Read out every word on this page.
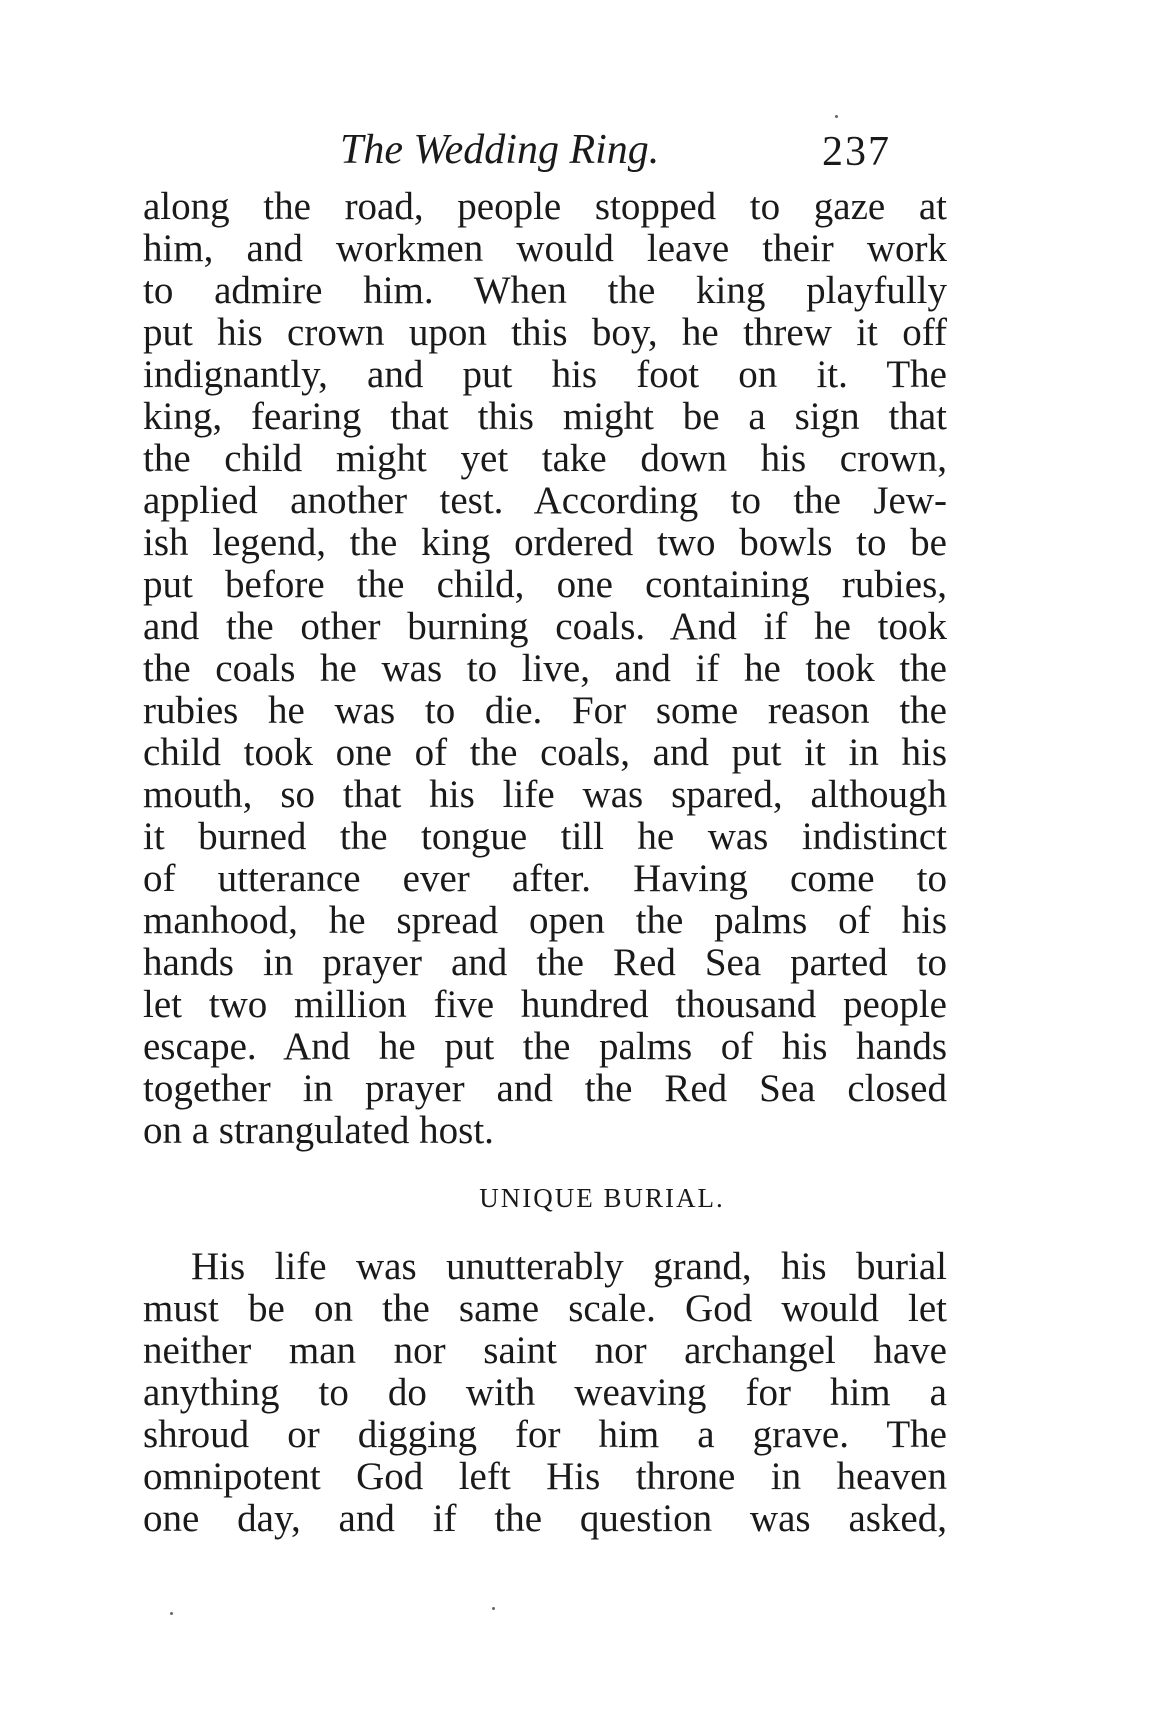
The Wedding Ring.	237
along the road, people stopped to gaze at
him, and workmen would leave their work
to admire him. When the king playfully
put his crown upon this boy, he threw it off
indignantly, and put his foot on it. The
king, fearing that this might be a sign that
the child might yet take down his crown,
applied another test. According to the Jew-
ish legend, the king ordered two bowls to be
put before the child, one containing rubies,
and the other burning coals. And if he took
the coals he was to live, and if he took the
rubies he was to die. For some reason the
child took one of the coals, and put it in his
mouth, so that his life was spared, although
it burned the tongue till he was indistinct
of utterance ever after. Having come to
manhood, he spread open the palms of his
hands in prayer and the Red Sea parted to
let two million five hundred thousand people
escape. And he put the palms of his hands
together in prayer and the Red Sea closed
on a strangulated host.
UNIQUE BURIAL.
His life was unutterably grand, his burial
must be on the same scale. God would let
neither man nor saint nor archangel have
anything to do with weaving for him a
shroud or digging for him a grave. The
omnipotent God left His throne in heaven
one day, and if the question was asked,
